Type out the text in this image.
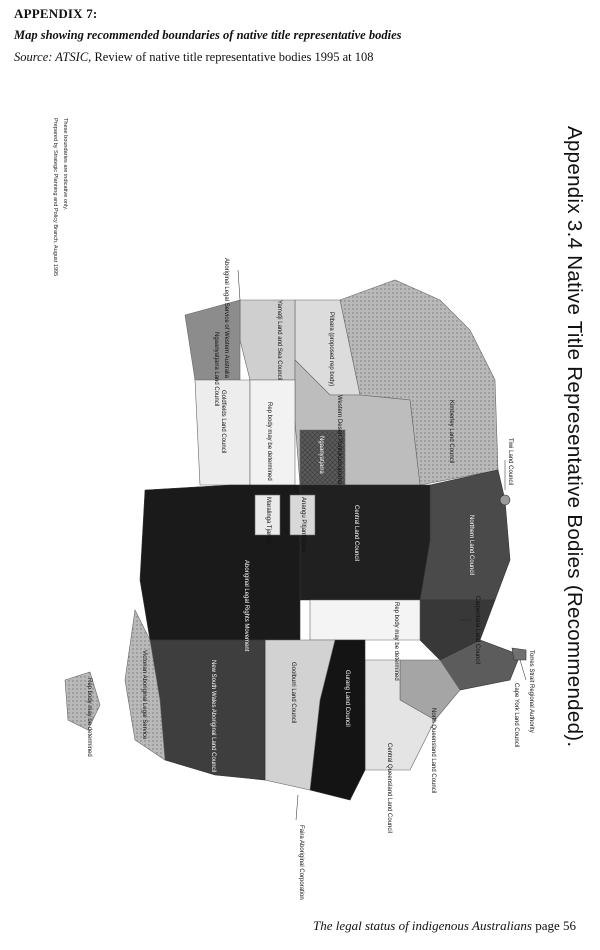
APPENDIX 7:
Map showing recommended boundaries of native title representative bodies
Source: ATSIC, Review of native title representative bodies 1995 at 108
Appendix 3.4 Native Title Representative Bodies (Recommended).
These boundaries are indicative only.
Prepared by Strategic Planning and Policy Branch, August 1995
Tiwi Land Council
Northern Land Council
Kimberley Land Council
Pilbara (proposed rep body)
Yamatji Land and Sea Council
Aboriginal Legal Service of Western Australia
Ngaanyatjarra Land Council
Western Desert Puntukurnuparna
Ngaanyatjarra
Goldfields Land Council	Rep body may be determined
Anangu Pitjantjatjara
Maralinga Tjarutja	Central Land Council
Aboriginal Legal Rights Movement	Carpentaria Land Council
Rep body may be determined
Torres Strait Regional Authority
Cape York Land Council
North Queensland Land Council
Central Queensland Land Council
Gurang Land Council
Goolburri Land Council
New South Wales Aboriginal Land Council
Victorian Aboriginal Legal Service
Rep body may be determined
Faira Aboriginal Corporation
The legal status of indigenous Australians page 56
